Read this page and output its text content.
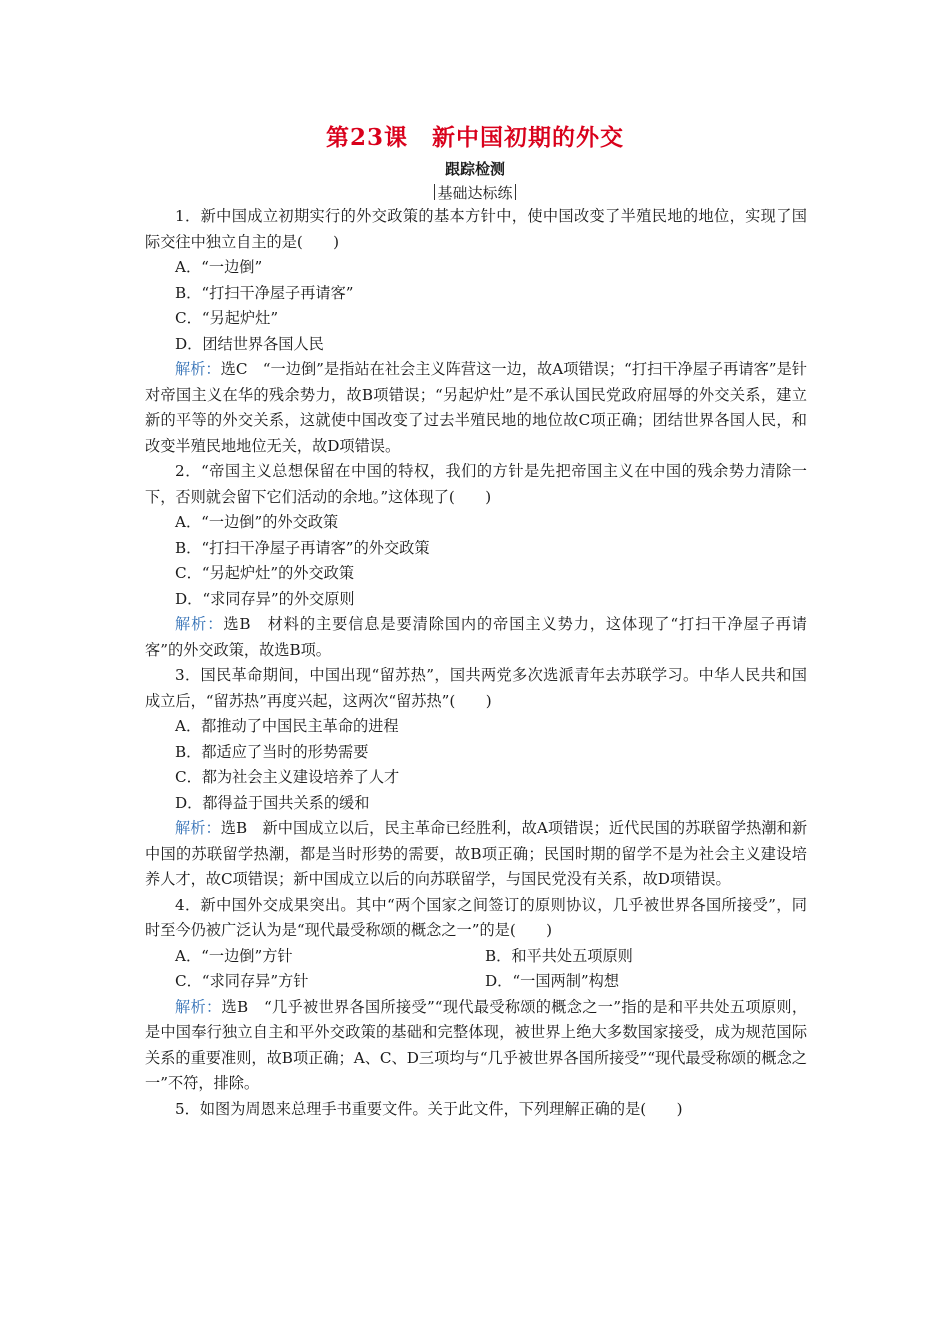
第23课　新中国初期的外交
跟踪检测
基础达标练

1．新中国成立初期实行的外交政策的基本方针中，使中国改变了半殖民地的地位，实现了国际交往中独立自主的是(　　)

A．“一边倒”

B．“打扫干净屋子再请客”

C．“另起炉灶”

D．团结世界各国人民

解析：选C　“一边倒”是指站在社会主义阵营这一边，故A项错误；“打扫干净屋子再请客”是针对帝国主义在华的残余势力，故B项错误；“另起炉灶”是不承认国民党政府屈辱的外交关系，建立新的平等的外交关系，这就使中国改变了过去半殖民地的地位故C项正确；团结世界各国人民，和改变半殖民地地位无关，故D项错误。

2．“帝国主义总想保留在中国的特权，我们的方针是先把帝国主义在中国的残余势力清除一下，否则就会留下它们活动的余地。”这体现了(　　)

A．“一边倒”的外交政策

B．“打扫干净屋子再请客”的外交政策

C．“另起炉灶”的外交政策

D．“求同存异”的外交原则

解析：选B　材料的主要信息是要清除国内的帝国主义势力，这体现了“打扫干净屋子再请客”的外交政策，故选B项。

3．国民革命期间，中国出现“留苏热”，国共两党多次选派青年去苏联学习。中华人民共和国成立后，“留苏热”再度兴起，这两次“留苏热”(　　)

A．都推动了中国民主革命的进程

B．都适应了当时的形势需要

C．都为社会主义建设培养了人才

D．都得益于国共关系的缓和

解析：选B　新中国成立以后，民主革命已经胜利，故A项错误；近代民国的苏联留学热潮和新中国的苏联留学热潮，都是当时形势的需要，故B项正确；民国时期的留学不是为社会主义建设培养人才，故C项错误；新中国成立以后的向苏联留学，与国民党没有关系，故D项错误。

4．新中国外交成果突出。其中“两个国家之间签订的原则协议，几乎被世界各国所接受”，同时至今仍被广泛认为是“现代最受称颂的概念之一”的是(　　)

A．“一边倒”方针	B．和平共处五项原则
C．“求同存异”方针	D．“一国两制”构想

解析：选B　“几乎被世界各国所接受”“现代最受称颂的概念之一”指的是和平共处五项原则，是中国奉行独立自主和平外交政策的基础和完整体现，被世界上绝大多数国家接受，成为规范国际关系的重要准则，故B项正确；A、C、D三项均与“几乎被世界各国所接受”“现代最受称颂的概念之一”不符，排除。

5．如图为周恩来总理手书重要文件。关于此文件，下列理解正确的是(　　)
